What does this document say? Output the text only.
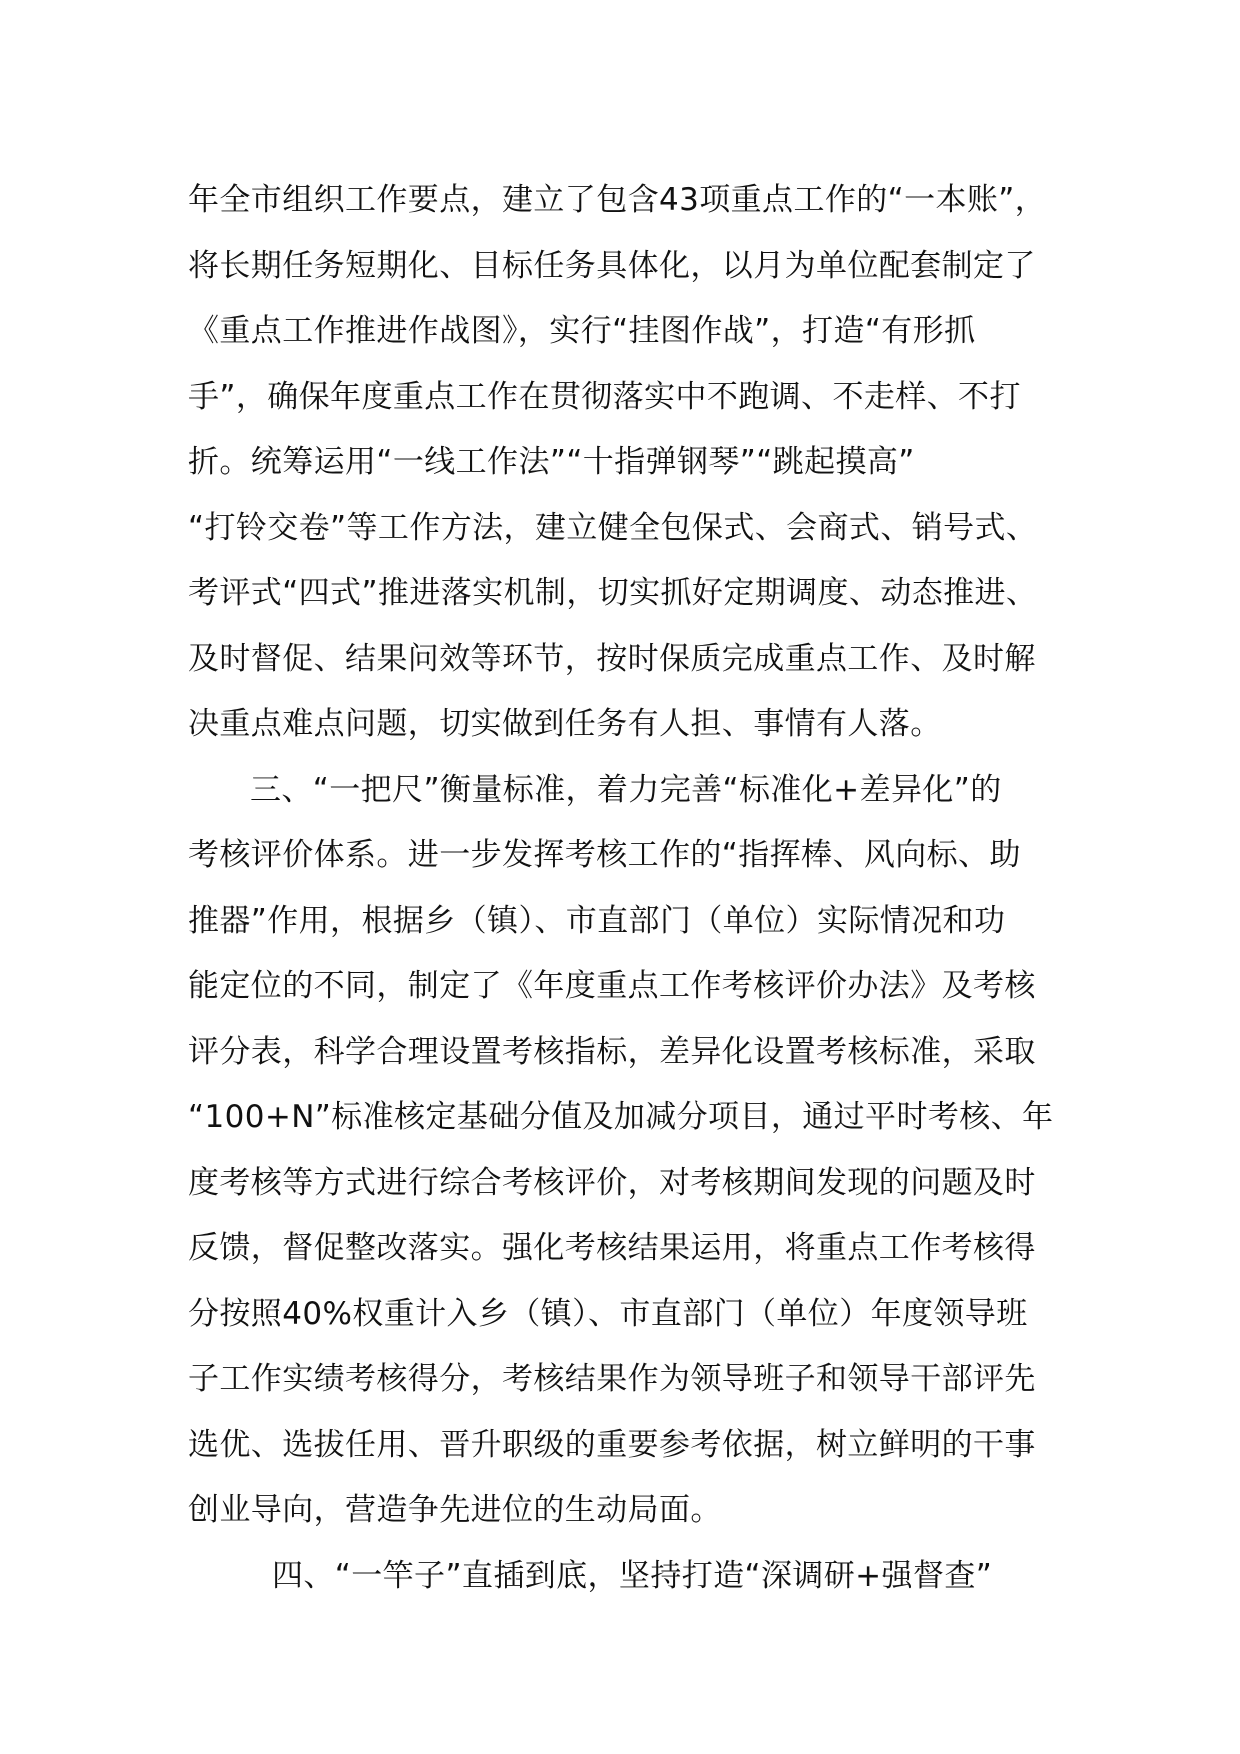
年全市组织工作要点，建立了包含43项重点工作的“一本账”，
将长期任务短期化、目标任务具体化，以月为单位配套制定了
《重点工作推进作战图》，实行“挂图作战”，打造“有形抓
手”，确保年度重点工作在贯彻落实中不跑调、不走样、不打
折。统筹运用“一线工作法”“十指弹钢琴”“跳起摸高”
“打铃交卷”等工作方法，建立健全包保式、会商式、销号式、
考评式“四式”推进落实机制，切实抓好定期调度、动态推进、
及时督促、结果问效等环节，按时保质完成重点工作、及时解
决重点难点问题，切实做到任务有人担、事情有人落。
三、“一把尺”衡量标准，着力完善“标准化+差异化”的
考核评价体系。进一步发挥考核工作的“指挥棒、风向标、助
推器”作用，根据乡（镇）、市直部门（单位）实际情况和功
能定位的不同，制定了《年度重点工作考核评价办法》及考核
评分表，科学合理设置考核指标，差异化设置考核标准，采取
“100+N”标准核定基础分值及加减分项目，通过平时考核、年
度考核等方式进行综合考核评价，对考核期间发现的问题及时
反馈，督促整改落实。强化考核结果运用，将重点工作考核得
分按照40%权重计入乡（镇）、市直部门（单位）年度领导班
子工作实绩考核得分，考核结果作为领导班子和领导干部评先
选优、选拔任用、晋升职级的重要参考依据，树立鲜明的干事
创业导向，营造争先进位的生动局面。
四、“一竿子”直插到底，坚持打造“深调研+强督查”
